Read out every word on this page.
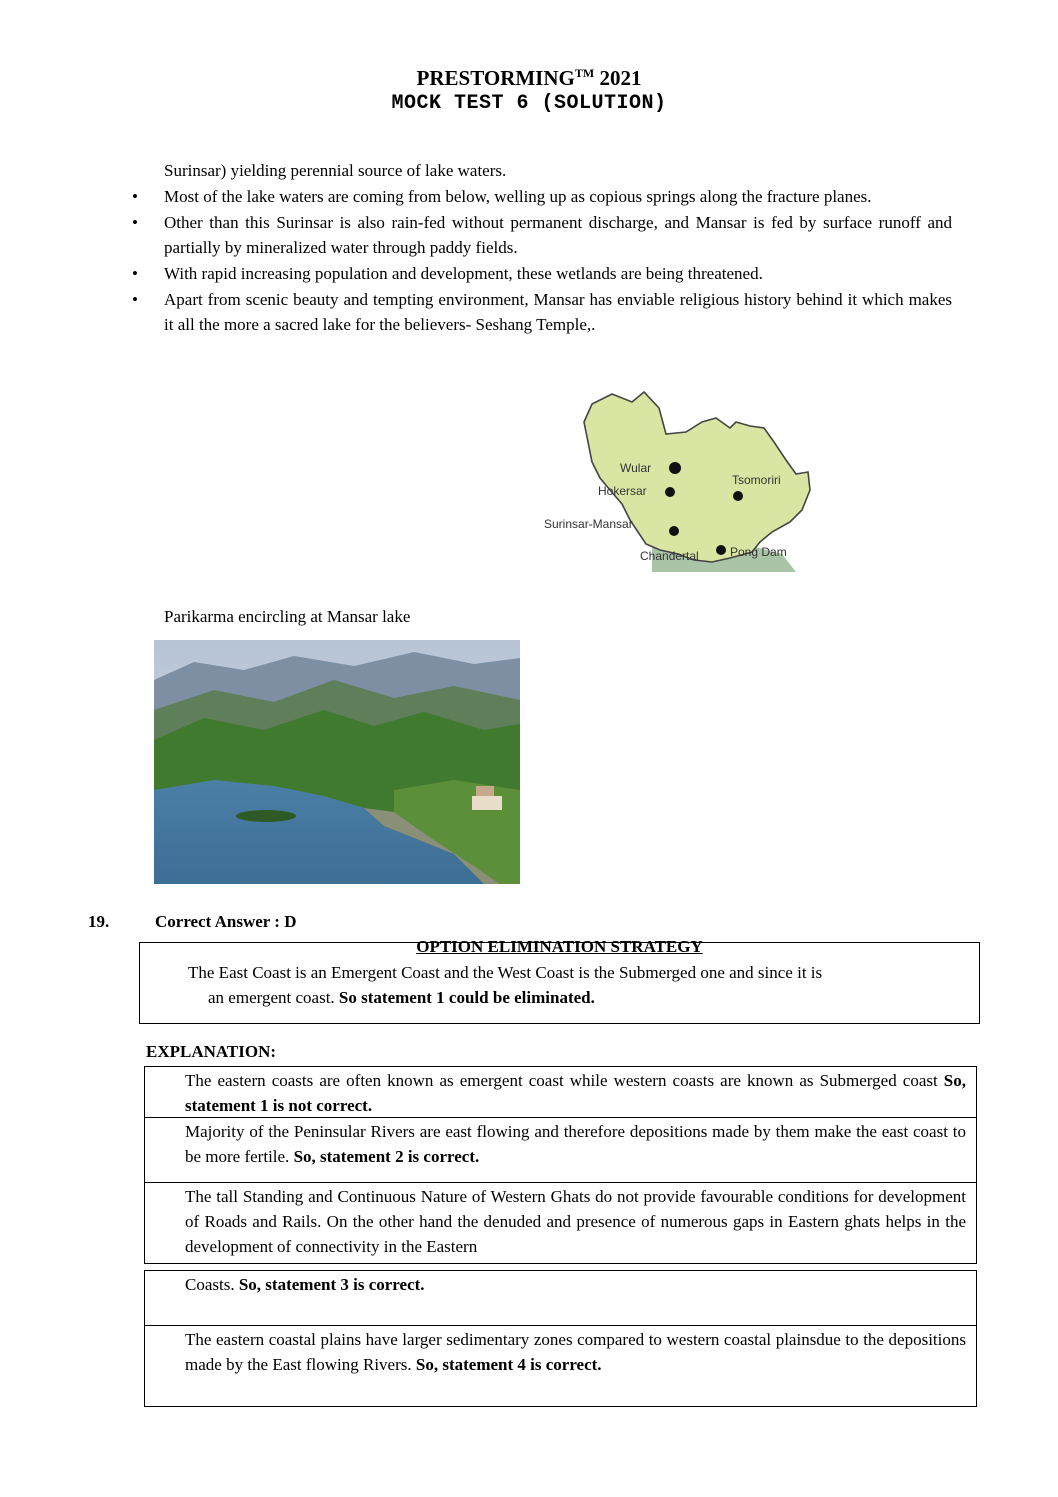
PRESTORMING™ 2021
MOCK TEST 6 (SOLUTION)
Surinsar) yielding perennial source of lake waters.
• Most of the lake waters are coming from below, welling up as copious springs along the fracture planes.
• Other than this Surinsar is also rain-fed without permanent discharge, and Mansar is fed by surface runoff and partially by mineralized water through paddy fields.
• With rapid increasing population and development, these wetlands are being threatened.
• Apart from scenic beauty and tempting environment, Mansar has enviable religious history behind it which makes it all the more a sacred lake for the believers- Seshang Temple,.
Wular
Hokersar
Tsomoriri
Surinsar-Mansar
Chandertal	Pong Dam
Parikarma encircling at Mansar lake
19.	Correct Answer : D
OPTION ELIMINATION STRATEGY
The East Coast is an Emergent Coast and the West Coast is the Submerged one and since it is
an emergent coast. So statement 1 could be eliminated.
EXPLANATION:
The eastern coasts are often known as emergent coast while western coasts are known as Submerged coast So, statement 1 is not correct.
Majority of the Peninsular Rivers are east flowing and therefore depositions made by them make the east coast to be more fertile. So, statement 2 is correct.
The tall Standing and Continuous Nature of Western Ghats do not provide favourable conditions for development of Roads and Rails. On the other hand the denuded and presence of numerous gaps in Eastern ghats helps in the development of connectivity in the Eastern
Coasts. So, statement 3 is correct.
The eastern coastal plains have larger sedimentary zones compared to western coastal plainsdue to the depositions made by the East flowing Rivers. So, statement 4 is correct.
